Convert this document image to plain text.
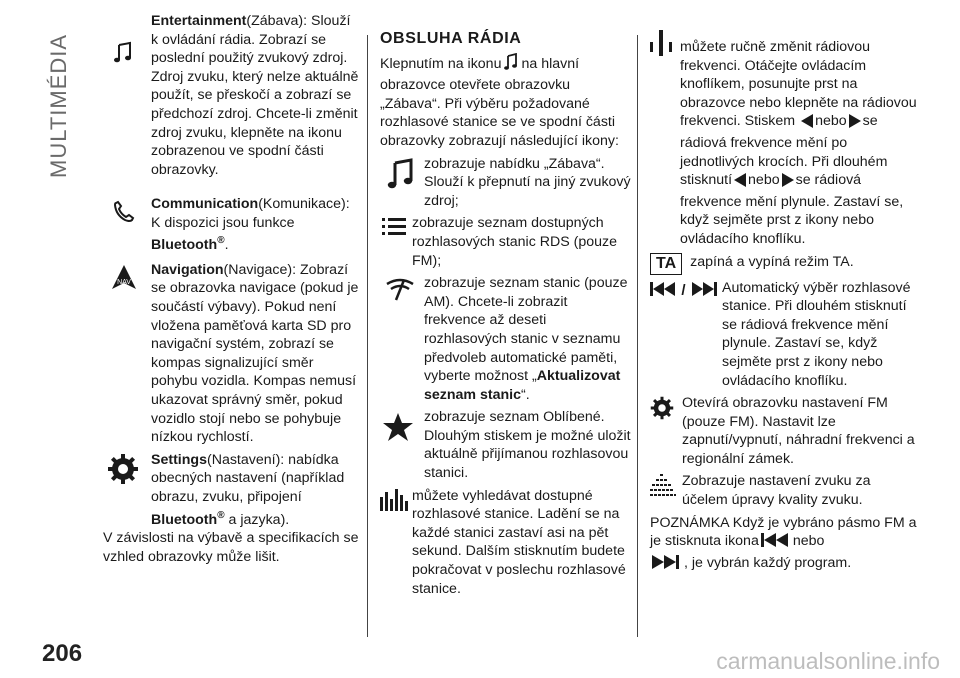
MULTIMÉDIA
206	carmanualsonline.info

Entertainment(Zábava): Slouží k ovládání rádia. Zobrazí se poslední použitý zvukový zdroj. Zdroj zvuku, který nelze aktuálně použít, se přeskočí a zobrazí se předchozí zdroj. Chcete-li změnit zdroj zvuku, klepněte na ikonu zobrazenou ve spodní části obrazovky.

Communication(Komunikace): K dispozici jsou funkce
Bluetooth®.

NAV

Navigation(Navigace): Zobrazí se obrazovka navigace (pokud je součástí výbavy). Pokud není vložena paměťová karta SD pro navigační systém, zobrazí se kompas signalizující směr pohybu vozidla. Kompas nemusí ukazovat správný směr, pokud vozidlo stojí nebo se pohybuje nízkou rychlostí.

Settings(Nastavení): nabídka obecných nastavení (například obrazu, zvuku, připojení
Bluetooth® a jazyka).

V závislosti na výbavě a specifikacích se vzhled obrazovky může lišit.

OBSLUHA RÁDIA

Klepnutím na ikonu na hlavní obrazovce otevřete obrazovku „Zábava“. Při výběru požadované rozhlasové stanice se ve spodní části obrazovky zobrazují následující ikony:

zobrazuje nabídku „Zábava“. Slouží k přepnutí na jiný zvukový zdroj;

zobrazuje seznam dostupných rozhlasových stanic RDS (pouze FM);

zobrazuje seznam stanic (pouze AM). Chcete-li zobrazit frekvence až deseti rozhlasových stanic v seznamu předvoleb automatické paměti, vyberte možnost „Aktualizovat seznam stanic“.

zobrazuje seznam Oblíbené. Dlouhým stiskem je možné uložit aktuálně přijímanou rozhlasovou stanici.

můžete vyhledávat dostupné rozhlasové stanice. Ladění se na každé stanici zastaví asi na pět sekund. Dalším stisknutím budete pokračovat v poslechu rozhlasové stanice.

můžete ručně změnit rádiovou frekvenci. Otáčejte ovládacím knoflíkem, posunujte prst na obrazovce nebo klepněte na rádiovou frekvenci. Stiskem nebo se rádiová frekvence mění po jednotlivých krocích. Při dlouhém stisknutí nebo se rádiová frekvence mění plynule. Zastaví se, když sejměte prst z ikony nebo ovládacího knoflíku.

TA zapíná a vypíná režim TA.

/	Automatický výběr rozhlasové stanice. Při dlouhém stisknutí se rádiová frekvence mění plynule. Zastaví se, když sejměte prst z ikony nebo ovládacího knoflíku.

Otevírá obrazovku nastavení FM (pouze FM). Nastavit lze zapnutí/vypnutí, náhradní frekvenci a regionální zámek.

Zobrazuje nastavení zvuku za účelem úpravy kvality zvuku.

POZNÁMKA Když je vybráno pásmo FM a je stisknuta ikona nebo
, je vybrán každý program.
